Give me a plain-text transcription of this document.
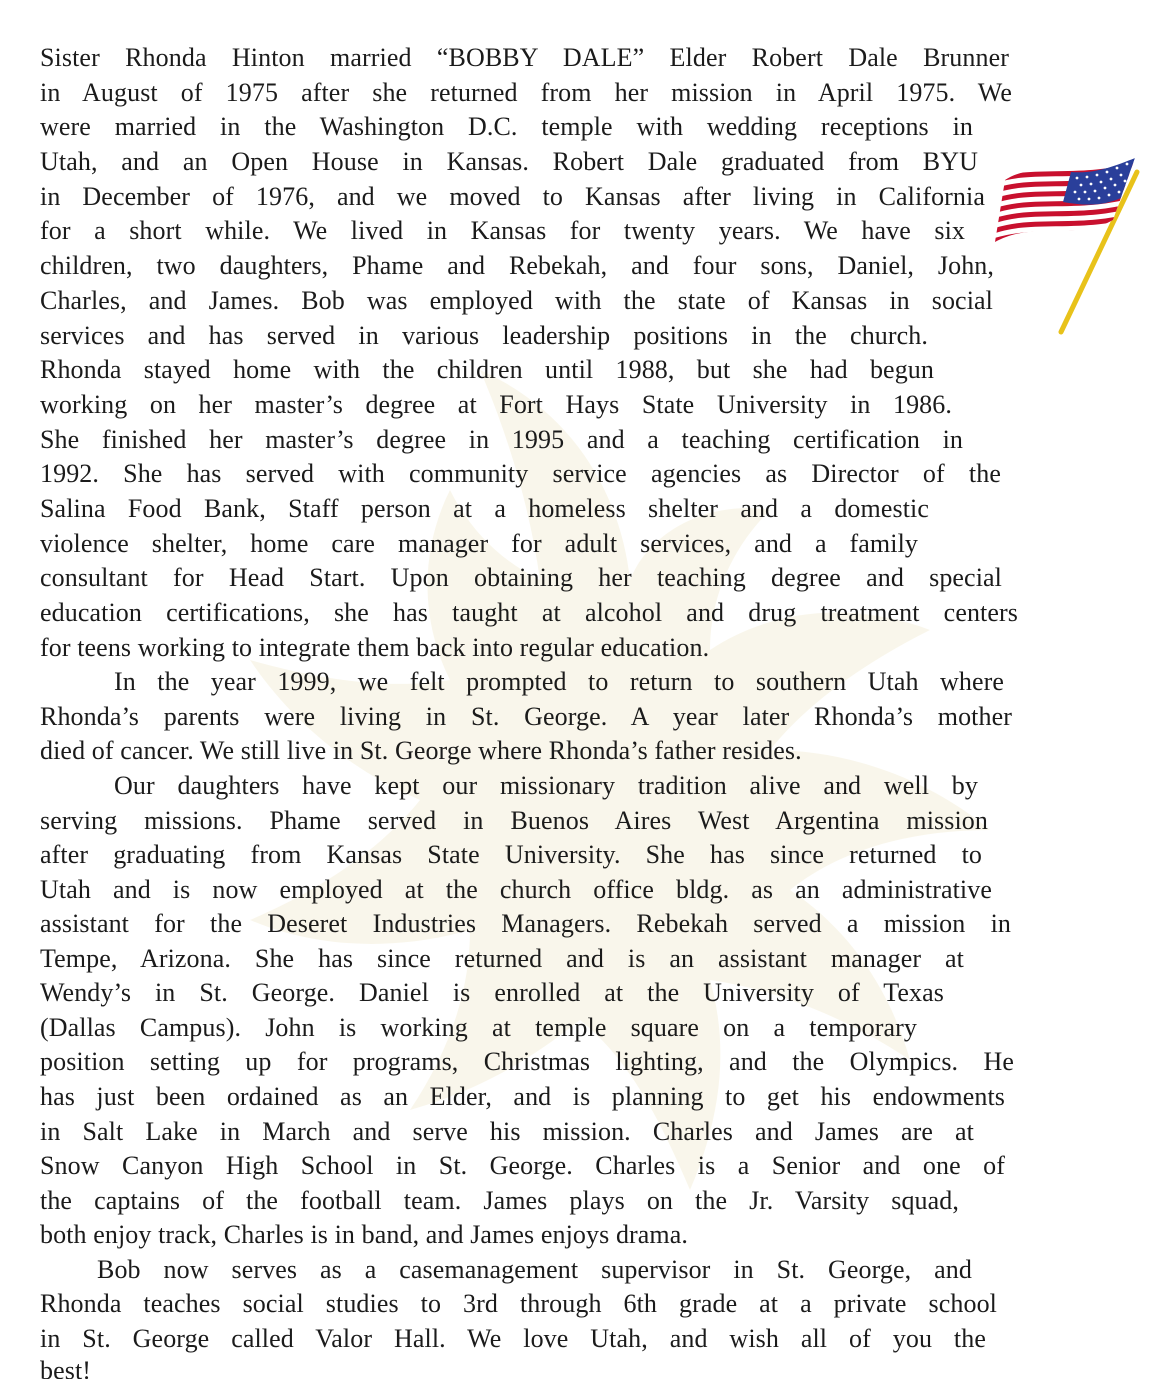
Sister Rhonda Hinton married “BOBBY DALE” Elder Robert Dale Brunner
in August of 1975 after she returned from her mission in April 1975. We
were married in the Washington D.C. temple with wedding receptions in
Utah, and an Open House in Kansas. Robert Dale graduated from BYU
in December of 1976, and we moved to Kansas after living in California
for a short while. We lived in Kansas for twenty years. We have six
children, two daughters, Phame and Rebekah, and four sons, Daniel, John,
Charles, and James. Bob was employed with the state of Kansas in social
services and has served in various leadership positions in the church.
Rhonda stayed home with the children until 1988, but she had begun
working on her master’s degree at Fort Hays State University in 1986.
She finished her master’s degree in 1995 and a teaching certification in
1992. She has served with community service agencies as Director of the
Salina Food Bank, Staff person at a homeless shelter and a domestic
violence shelter, home care manager for adult services, and a family
consultant for Head Start. Upon obtaining her teaching degree and special
education certifications, she has taught at alcohol and drug treatment centers
for teens working to integrate them back into regular education.
In the year 1999, we felt prompted to return to southern Utah where
Rhonda’s parents were living in St. George. A year later Rhonda’s mother
died of cancer. We still live in St. George where Rhonda’s father resides.
Our daughters have kept our missionary tradition alive and well by
serving missions. Phame served in Buenos Aires West Argentina mission
after graduating from Kansas State University. She has since returned to
Utah and is now employed at the church office bldg. as an administrative
assistant for the Deseret Industries Managers. Rebekah served a mission in
Tempe, Arizona. She has since returned and is an assistant manager at
Wendy’s in St. George. Daniel is enrolled at the University of Texas
(Dallas Campus). John is working at temple square on a temporary
position setting up for programs, Christmas lighting, and the Olympics. He
has just been ordained as an Elder, and is planning to get his endowments
in Salt Lake in March and serve his mission. Charles and James are at
Snow Canyon High School in St. George. Charles is a Senior and one of
the captains of the football team. James plays on the Jr. Varsity squad,
both enjoy track, Charles is in band, and James enjoys drama.
Bob now serves as a casemanagement supervisor in St. George, and
Rhonda teaches social studies to 3rd through 6th grade at a private school
in St. George called Valor Hall. We love Utah, and wish all of you the
best!
